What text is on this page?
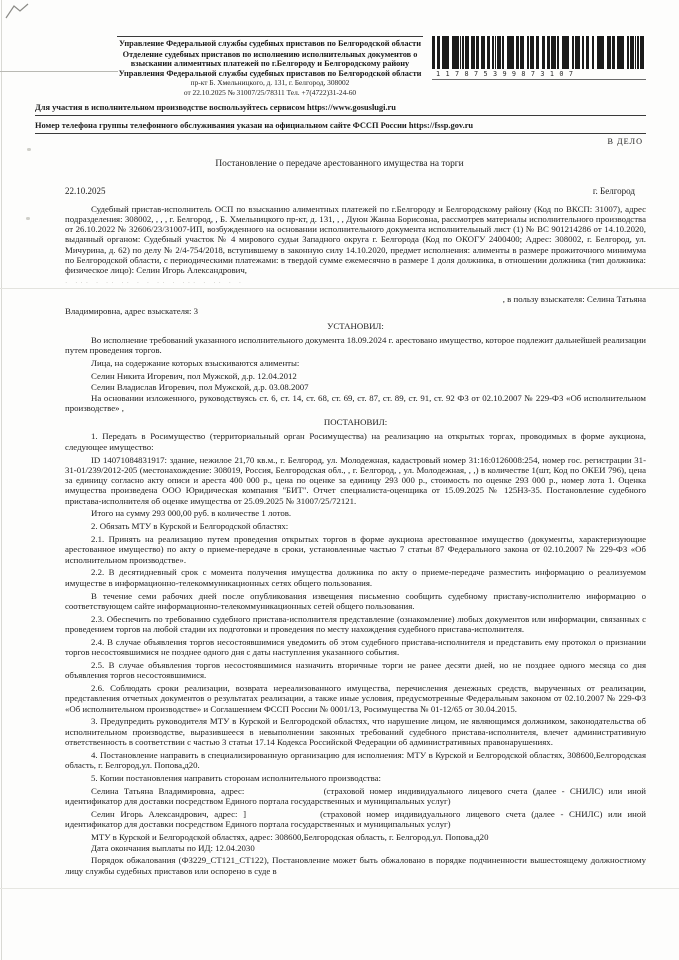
Управление Федеральной службы судебных приставов по Белгородской области
Отделение судебных приставов по исполнению исполнительных документов о взыскании алиментных платежей по г.Белгороду и Белгородскому району Управления Федеральной службы судебных приставов по Белгородской области
пр-кт Б. Хмельницкого, д. 131, г. Белгород, 308002
от 22.10.2025 № 31007/25/78311 Тел. +7(4722)31-24-60
117875399873107
Для участия в исполнительном производстве воспользуйтесь сервисом https://www.gosuslugi.ru
Номер телефона группы телефонного обслуживания указан на официальном сайте ФССП России https://fssp.gov.ru
В ДЕЛО
Постановление о передаче арестованного имущества на торги
22.10.2025	г. Белгород
Судебный пристав-исполнитель ОСП по взысканию алиментных платежей по г.Белгороду и Белгородскому району (Код по ВКСП: 31007), адрес подразделения: 308002, , , , г. Белгород, , Б. Хмельницкого пр-кт, д. 131, , , Дуюн Жанна Борисовна, рассмотрев материалы исполнительного производства от 26.10.2022 № 32606/23/31007-ИП, возбужденного на основании исполнительного документа исполнительный лист (1) № ВС 901214286 от 14.10.2020, выданный органом: Судебный участок № 4 мирового судьи Западного округа г. Белгорода (Код по ОКОГУ 2400400; Адрес: 308002, г. Белгород, ул. Мичурина, д. 62) по делу № 2/4-754/2018, вступившему в законную силу 14.10.2020, предмет исполнения: алименты в размере прожиточного минимума по Белгородской области, с периодическими платежами: в твердой сумме ежемесячно в размере 1 доля должника, в отношении должника (тип должника: физическое лицо): Селин Игорь Александрович,
· ··· · ·· ·· · · ·· · ··· · ·· · ·
, в пользу взыскателя: Селина Татьяна
Владимировна, адрес взыскателя: 3
УСТАНОВИЛ:
Во исполнение требований указанного исполнительного документа 18.09.2024 г. арестовано имущество, которое подлежит дальнейшей реализации путем проведения торгов.
Лица, на содержание которых взыскиваются алименты:
Селин Никита Игоревич, пол Мужской, д.р. 12.04.2012
Селин Владислав Игоревич, пол Мужской, д.р. 03.08.2007
На основании изложенного, руководствуясь ст. 6, ст. 14, ст. 68, ст. 69, ст. 87, ст. 89, ст. 91, ст. 92 ФЗ от 02.10.2007 № 229-ФЗ «Об исполнительном производстве» ,
ПОСТАНОВИЛ:
1. Передать в Росимущество (территориальный орган Росимущества) на реализацию на открытых торгах, проводимых в форме аукциона, следующее имущество:
ID 14071084831917: здание, нежилое 21,70 кв.м., г. Белгород, ул. Молодежная, кадастровый номер 31:16:0126008:254, номер гос. регистрации 31-31-01/239/2012-205 (местонахождение: 308019, Россия, Белгородская обл., , г. Белгород, , ул. Молодежная, , ,) в количестве 1(шт, Код по ОКЕИ 796), цена за единицу согласно акту описи и ареста 400 000 р., цена по оценке за единицу 293 000 р., стоимость по оценке 293 000 р., номер лота 1. Оценка имущества произведена ООО Юридическая компания "БИТ". Отчет специалиста-оценщика от 15.09.2025 № 125НЗ-35. Постановление судебного пристава-исполнителя об оценке имущества от 25.09.2025 № 31007/25/72121.
Итого на сумму 293 000,00 руб. в количестве 1 лотов.
2. Обязать МТУ в Курской и Белгородской областях:
2.1. Принять на реализацию путем проведения открытых торгов в форме аукциона арестованное имущество (документы, характеризующие арестованное имущество) по акту о приеме-передаче в сроки, установленные частью 7 статьи 87 Федерального закона от 02.10.2007 № 229-ФЗ «Об исполнительном производстве».
2.2. В десятидневный срок с момента получения имущества должника по акту о приеме-передаче разместить информацию о реализуемом имуществе в информационно-телекоммуникационных сетях общего пользования.
В течение семи рабочих дней после опубликования извещения письменно сообщить судебному приставу-исполнителю информацию о соответствующем сайте информационно-телекоммуникационных сетей общего пользования.
2.3. Обеспечить по требованию судебного пристава-исполнителя представление (ознакомление) любых документов или информации, связанных с проведением торгов на любой стадии их подготовки и проведения по месту нахождения судебного пристава-исполнителя.
2.4. В случае объявления торгов несостоявшимися уведомить об этом судебного пристава-исполнителя и представить ему протокол о признании торгов несостоявшимися не позднее одного дня с даты наступления указанного события.
2.5. В случае объявления торгов несостоявшимися назначить вторичные торги не ранее десяти дней, но не позднее одного месяца со дня объявления торгов несостоявшимися.
2.6. Соблюдать сроки реализации, возврата нереализованного имущества, перечисления денежных средств, вырученных от реализации, представления отчетных документов о результатах реализации, а также иные условия, предусмотренные Федеральным законом от 02.10.2007 № 229-ФЗ «Об исполнительном производстве» и Соглашением ФССП России № 0001/13, Росимущества № 01-12/65 от 30.04.2015.
3. Предупредить руководителя МТУ в Курской и Белгородской областях, что нарушение лицом, не являющимся должником, законодательства об исполнительном производстве, выразившееся в невыполнении законных требований судебного пристава-исполнителя, влечет административную ответственность в соответствии с частью 3 статьи 17.14 Кодекса Российской Федерации об административных правонарушениях.
4. Постановление направить в специализированную организацию для исполнения: МТУ в Курской и Белгородской областях, 308600,Белгородская область, г. Белгород,ул. Попова,д20.
5. Копии постановления направить сторонам исполнительного производства:
Селина Татьяна Владимировна, адрес:	(страховой номер индивидуального лицевого счета (далее - СНИЛС) или иной идентификатор для доставки посредством Единого портала государственных и муниципальных услуг)
Селин Игорь Александрович, адрес: ]	(страховой номер индивидуального лицевого счета (далее - СНИЛС) или иной идентификатор для доставки посредством Единого портала государственных и муниципальных услуг)
МТУ в Курской и Белгородской областях, адрес: 308600,Белгородская область, г. Белгород,ул. Попова,д20
Дата окончания выплаты по ИД: 12.04.2030
Порядок обжалования (ФЗ229_СТ121_СТ122), Постановление может быть обжаловано в порядке подчиненности вышестоящему должностному лицу службы судебных приставов или оспорено в суде в
